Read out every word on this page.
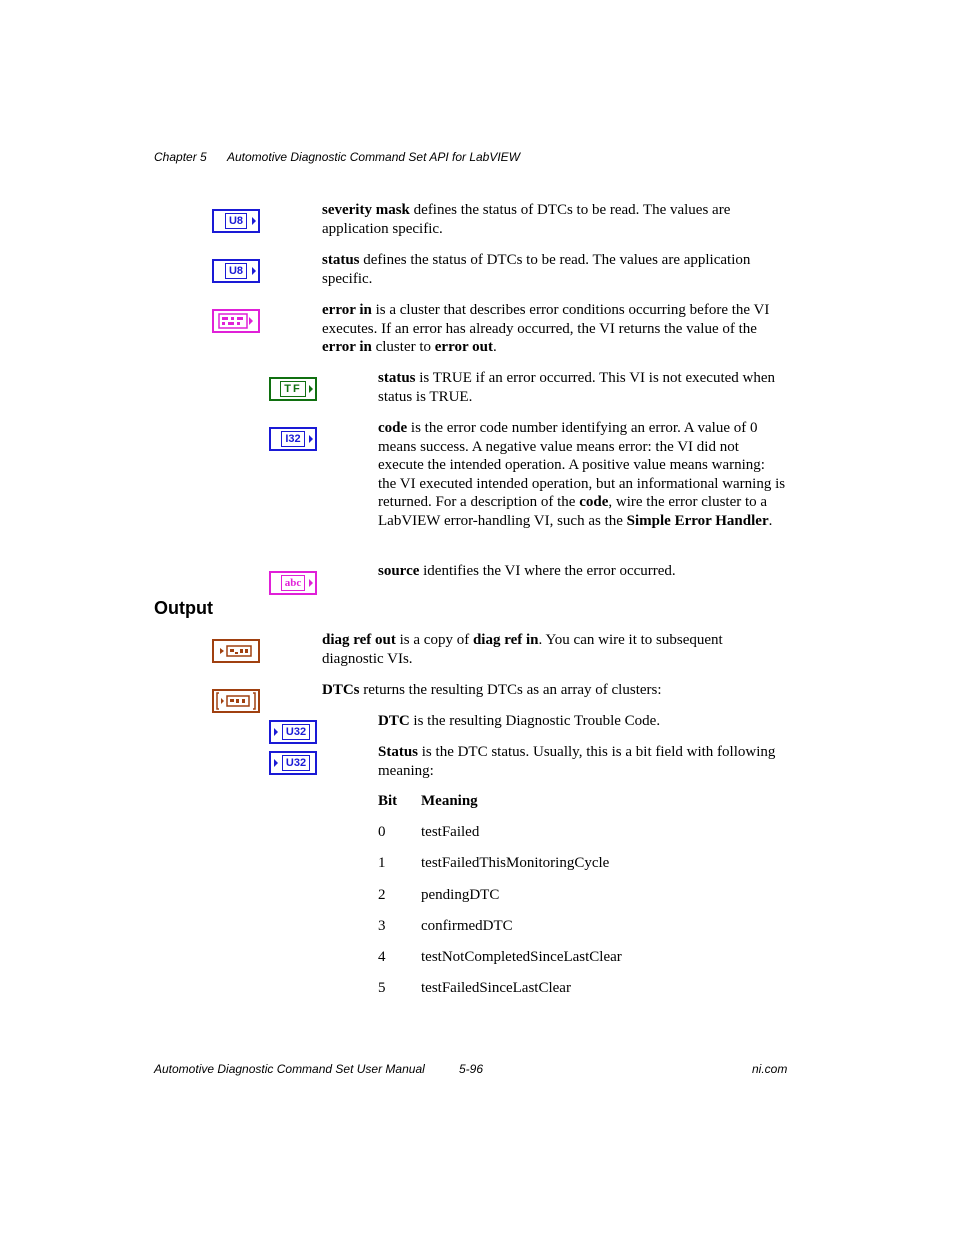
Chapter 5 Automotive Diagnostic Command Set API for LabVIEW
U8
severity mask defines the status of DTCs to be read. The values are application specific.
U8
status defines the status of DTCs to be read. The values are application specific.
error in is a cluster that describes error conditions occurring before the VI executes. If an error has already occurred, the VI returns the value of the error in cluster to error out.
TF
status is TRUE if an error occurred. This VI is not executed when status is TRUE.
I32
code is the error code number identifying an error. A value of 0 means success. A negative value means error: the VI did not execute the intended operation. A positive value means warning: the VI executed intended operation, but an informational warning is returned. For a description of the code, wire the error cluster to a LabVIEW error-handling VI, such as the Simple Error Handler.
abc
source identifies the VI where the error occurred.
Output
diag ref out is a copy of diag ref in. You can wire it to subsequent diagnostic VIs.
DTCs returns the resulting DTCs as an array of clusters:
U32
DTC is the resulting Diagnostic Trouble Code.
U32
Status is the DTC status. Usually, this is a bit field with following meaning:
Bit Meaning
0 testFailed
1 testFailedThisMonitoringCycle
2 pendingDTC
3 confirmedDTC
4 testNotCompletedSinceLastClear
5 testFailedSinceLastClear
Automotive Diagnostic Command Set User Manual	5-96	ni.com
